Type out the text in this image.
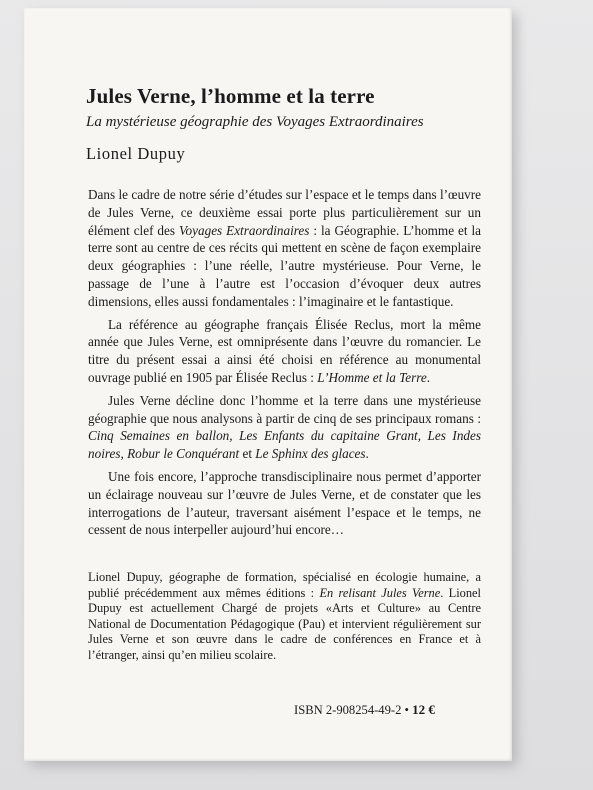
Jules Verne, l’homme et la terre
La mystérieuse géographie des Voyages Extraordinaires
Lionel Dupuy

Dans le cadre de notre série d’études sur l’espace et le temps dans l’œuvre de Jules Verne, ce deuxième essai porte plus particulièrement sur un élément clef des Voyages Extraordinaires : la Géographie. L’homme et la terre sont au centre de ces récits qui mettent en scène de façon exemplaire deux géographies : l’une réelle, l’autre mystérieuse. Pour Verne, le passage de l’une à l’autre est l’occasion d’évoquer deux autres dimensions, elles aussi fondamentales : l’imaginaire et le fantastique.

La référence au géographe français Élisée Reclus, mort la même année que Jules Verne, est omniprésente dans l’œuvre du romancier. Le titre du présent essai a ainsi été choisi en référence au monumental ouvrage publié en 1905 par Élisée Reclus : L’Homme et la Terre.

Jules Verne décline donc l’homme et la terre dans une mystérieuse géographie que nous analysons à partir de cinq de ses principaux romans : Cinq Semaines en ballon, Les Enfants du capitaine Grant, Les Indes noires, Robur le Conquérant et Le Sphinx des glaces.

Une fois encore, l’approche transdisciplinaire nous permet d’apporter un éclairage nouveau sur l’œuvre de Jules Verne, et de constater que les interrogations de l’auteur, traversant aisément l’espace et le temps, ne cessent de nous interpeller aujourd’hui encore…

Lionel Dupuy, géographe de formation, spécialisé en écologie humaine, a publié précédemment aux mêmes éditions : En relisant Jules Verne. Lionel Dupuy est actuellement Chargé de projets «Arts et Culture» au Centre National de Documentation Pédagogique (Pau) et intervient régulièrement sur Jules Verne et son œuvre dans le cadre de conférences en France et à l’étranger, ainsi qu’en milieu scolaire.

ISBN 2-908254-49-2 • 12 €
